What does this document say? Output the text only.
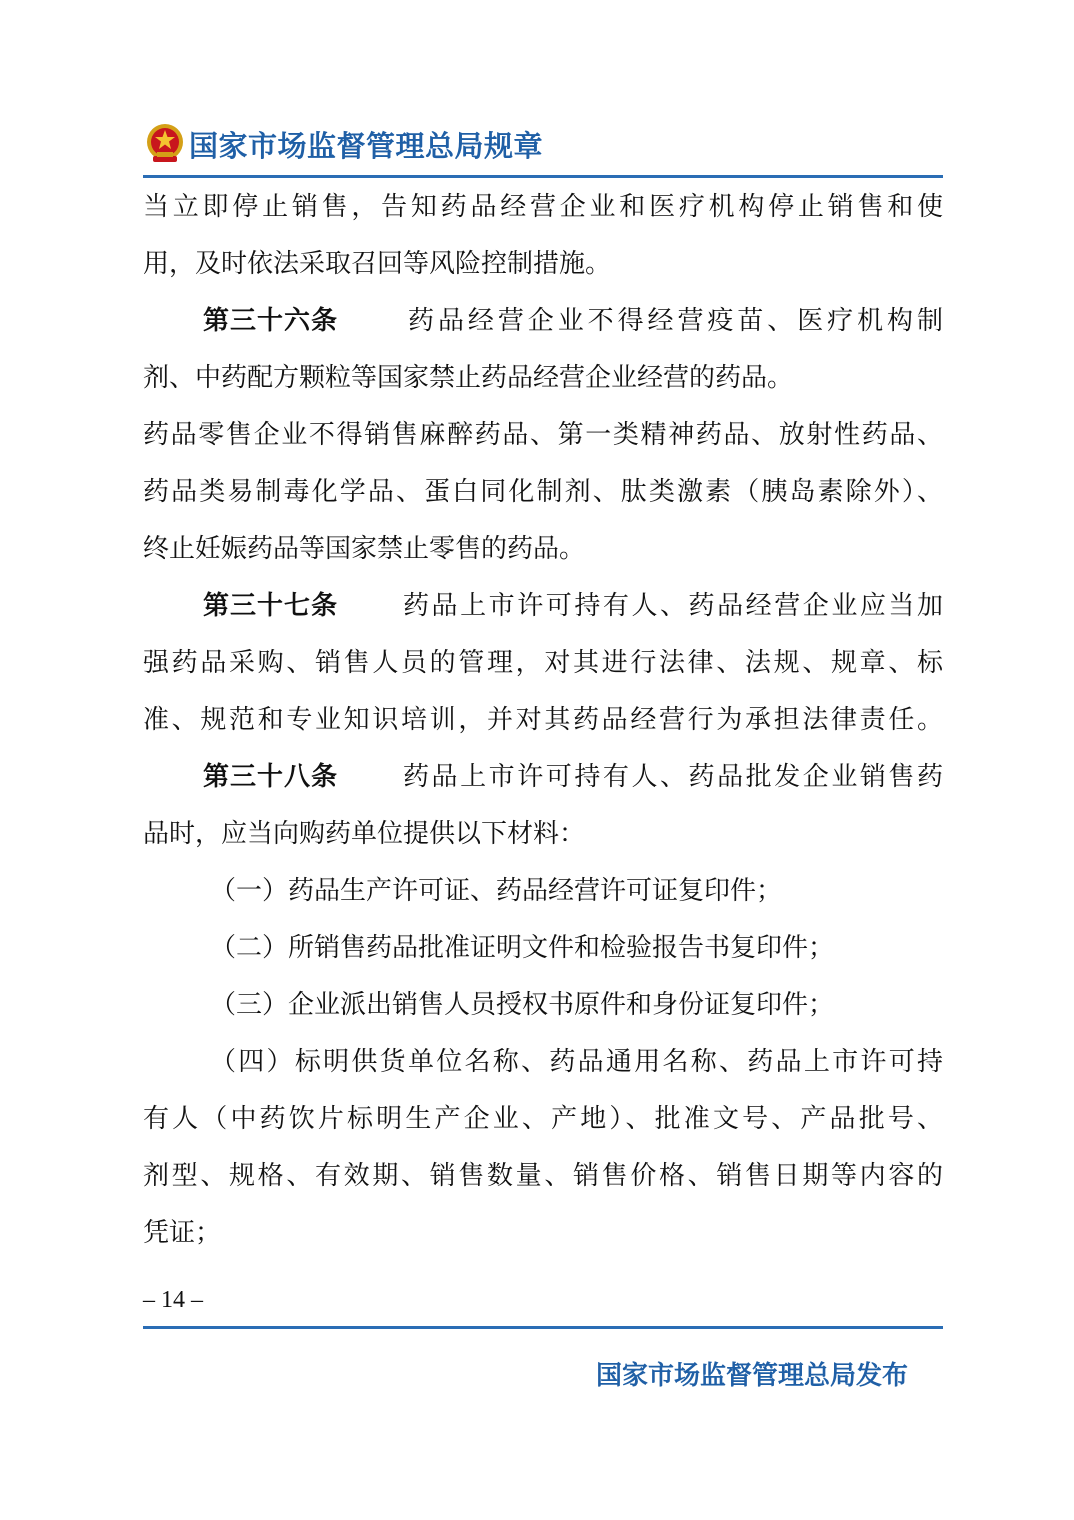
国家市场监督管理总局规章
当立即停止销售，告知药品经营企业和医疗机构停止销售和使
用，及时依法采取召回等风险控制措施。
第三十六条	药品经营企业不得经营疫苗、医疗机构制
剂、中药配方颗粒等国家禁止药品经营企业经营的药品。
药品零售企业不得销售麻醉药品、第一类精神药品、放射性药品、
药品类易制毒化学品、蛋白同化制剂、肽类激素（胰岛素除外）、
终止妊娠药品等国家禁止零售的药品。
第三十七条 药品上市许可持有人、药品经营企业应当加
强药品采购、销售人员的管理，对其进行法律、法规、规章、标
准、规范和专业知识培训，并对其药品经营行为承担法律责任。
第三十八条 药品上市许可持有人、药品批发企业销售药
品时，应当向购药单位提供以下材料：
（一）药品生产许可证、药品经营许可证复印件；
（二）所销售药品批准证明文件和检验报告书复印件；
（三）企业派出销售人员授权书原件和身份证复印件；
（四）标明供货单位名称、药品通用名称、药品上市许可持
有人（中药饮片标明生产企业、产地）、批准文号、产品批号、
剂型、规格、有效期、销售数量、销售价格、销售日期等内容的
凭证；
– 14 –
国家市场监督管理总局发布
